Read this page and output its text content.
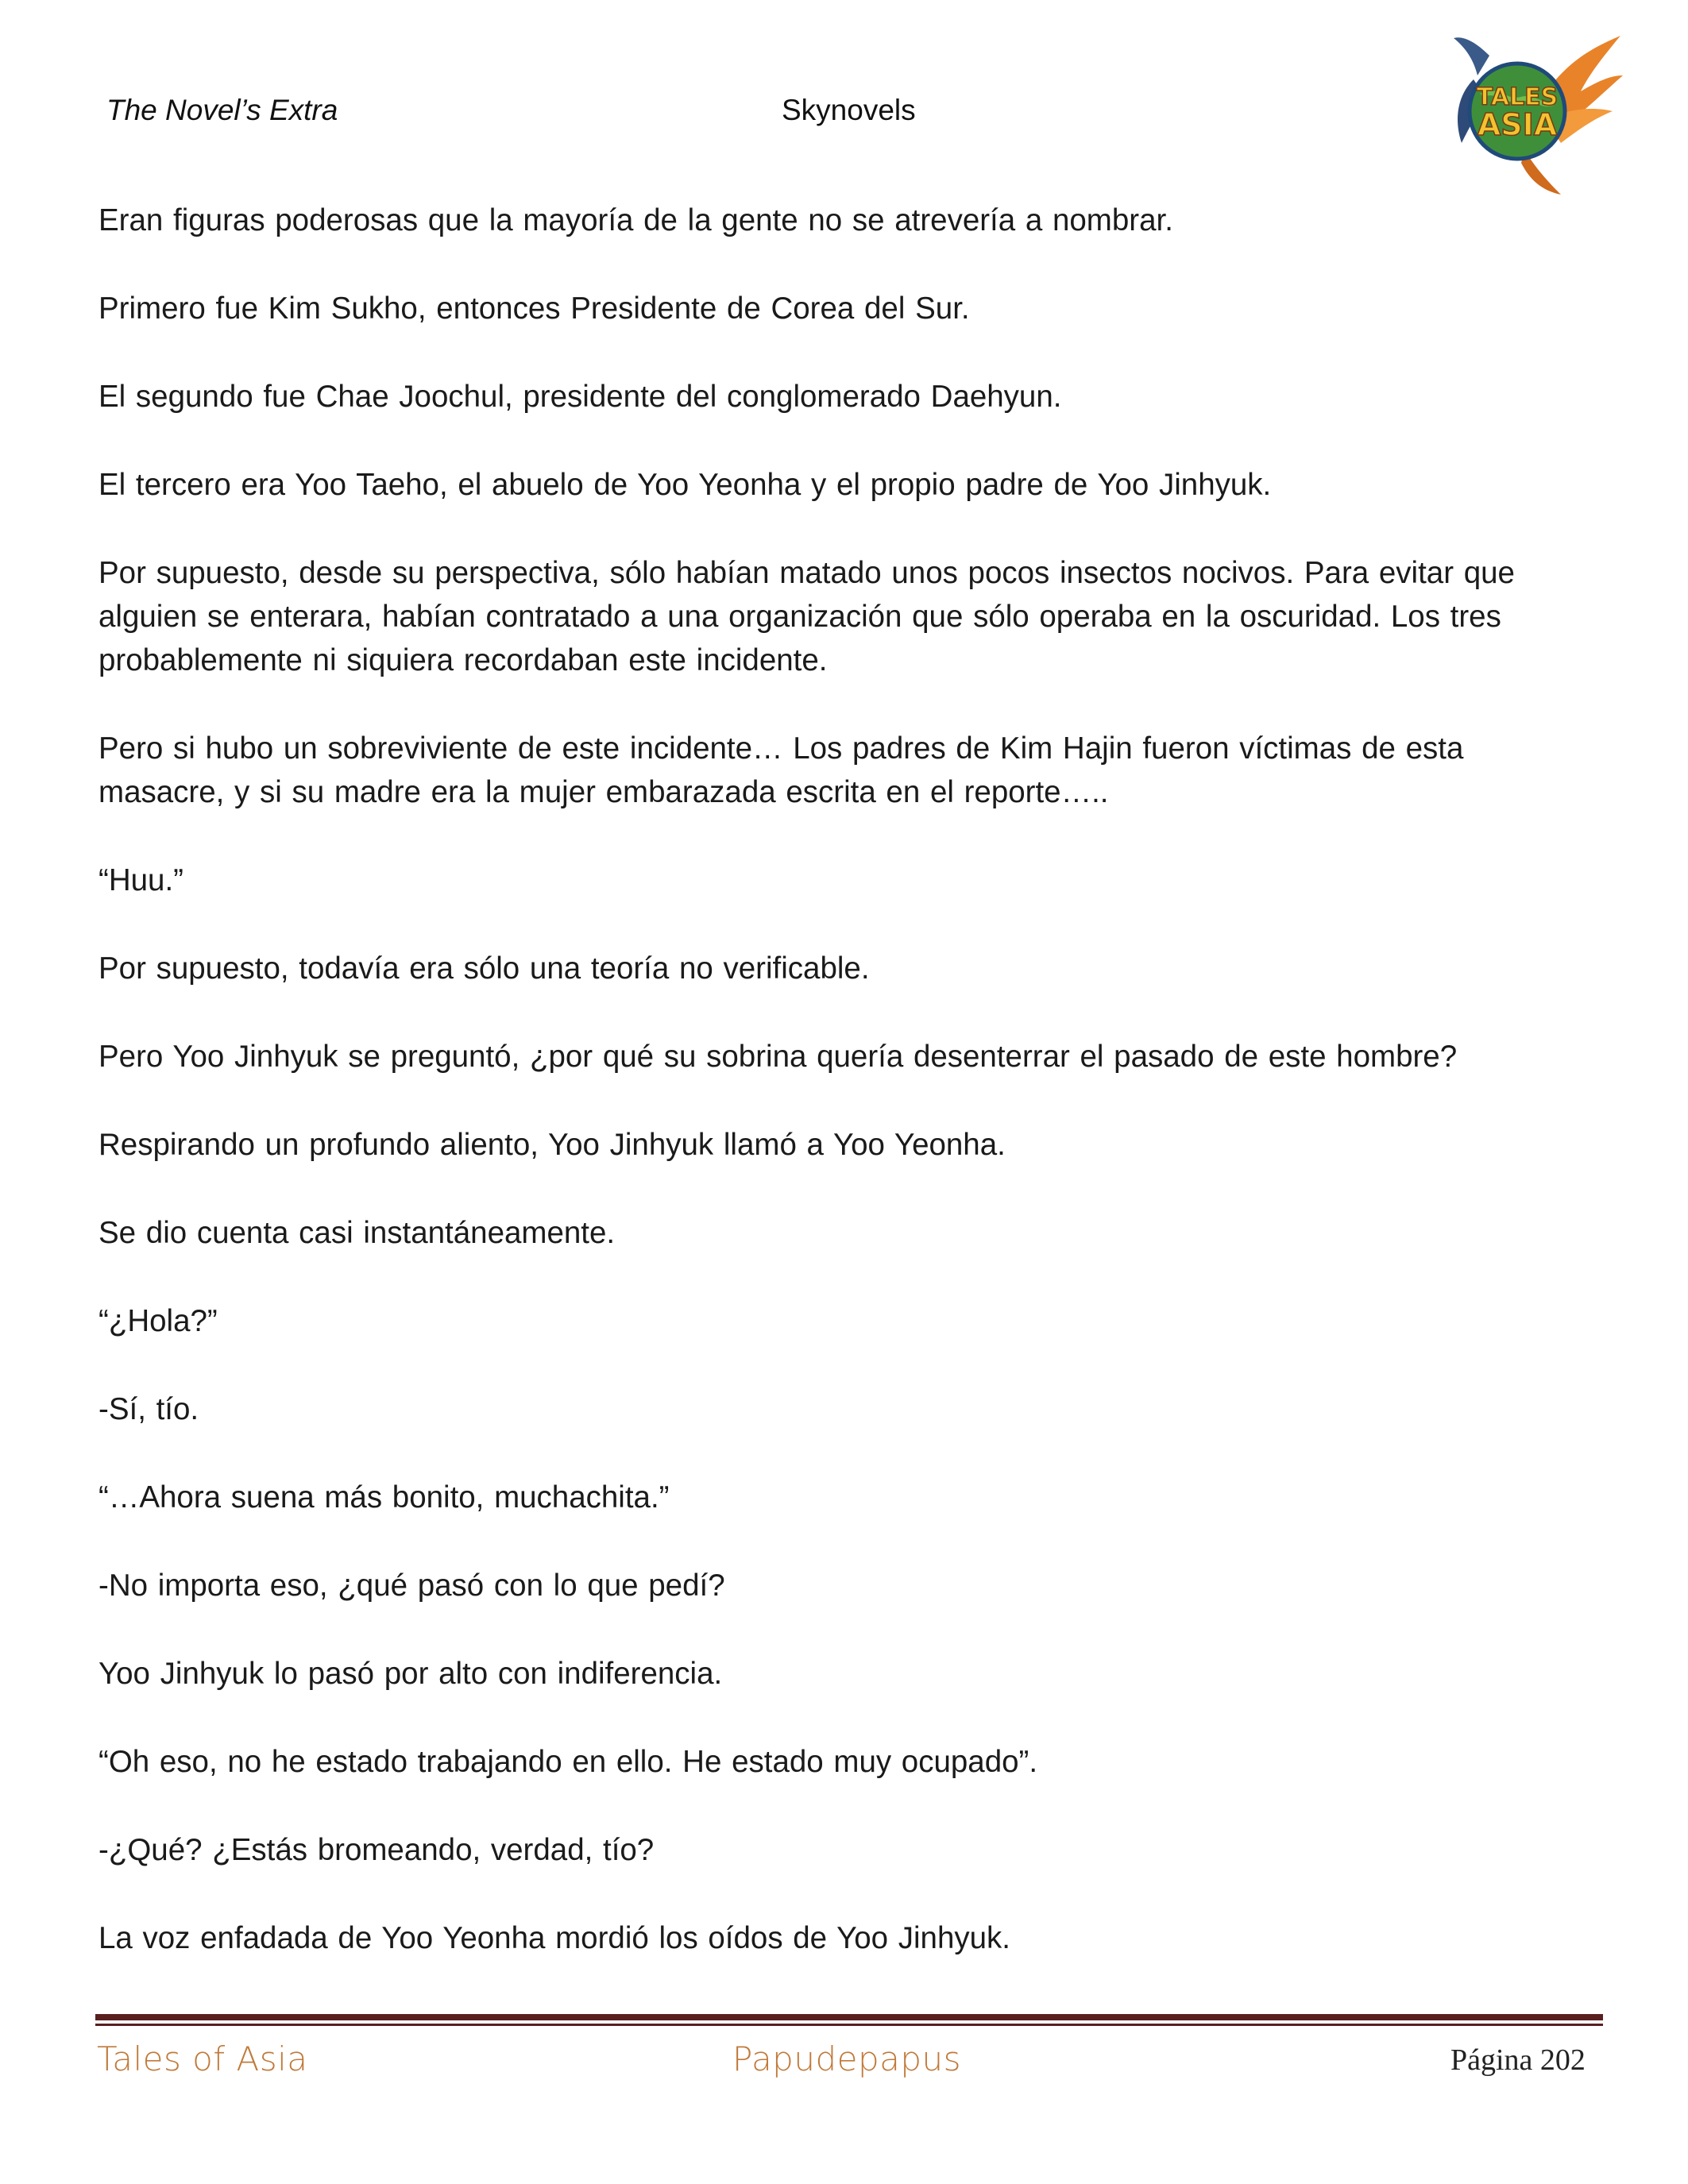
The Novel’s Extra	Skynovels	TALES
ASIA

Eran figuras poderosas que la mayoría de la gente no se atrevería a nombrar.

Primero fue Kim Sukho, entonces Presidente de Corea del Sur.

El segundo fue Chae Joochul, presidente del conglomerado Daehyun.

El tercero era Yoo Taeho, el abuelo de Yoo Yeonha y el propio padre de Yoo Jinhyuk.

Por supuesto, desde su perspectiva, sólo habían matado unos pocos insectos nocivos. Para evitar que alguien se enterara, habían contratado a una organización que sólo operaba en la oscuridad. Los tres probablemente ni siquiera recordaban este incidente.

Pero si hubo un sobreviviente de este incidente… Los padres de Kim Hajin fueron víctimas de esta masacre, y si su madre era la mujer embarazada escrita en el reporte…..

“Huu.”

Por supuesto, todavía era sólo una teoría no verificable.

Pero Yoo Jinhyuk se preguntó, ¿por qué su sobrina quería desenterrar el pasado de este hombre?

Respirando un profundo aliento, Yoo Jinhyuk llamó a Yoo Yeonha.

Se dio cuenta casi instantáneamente.

“¿Hola?”

-Sí, tío.

“…Ahora suena más bonito, muchachita.”

-No importa eso, ¿qué pasó con lo que pedí?

Yoo Jinhyuk lo pasó por alto con indiferencia.

“Oh eso, no he estado trabajando en ello. He estado muy ocupado”.

-¿Qué? ¿Estás bromeando, verdad, tío?

La voz enfadada de Yoo Yeonha mordió los oídos de Yoo Jinhyuk.

Tales of Asia	Papudepapus	Página 202
